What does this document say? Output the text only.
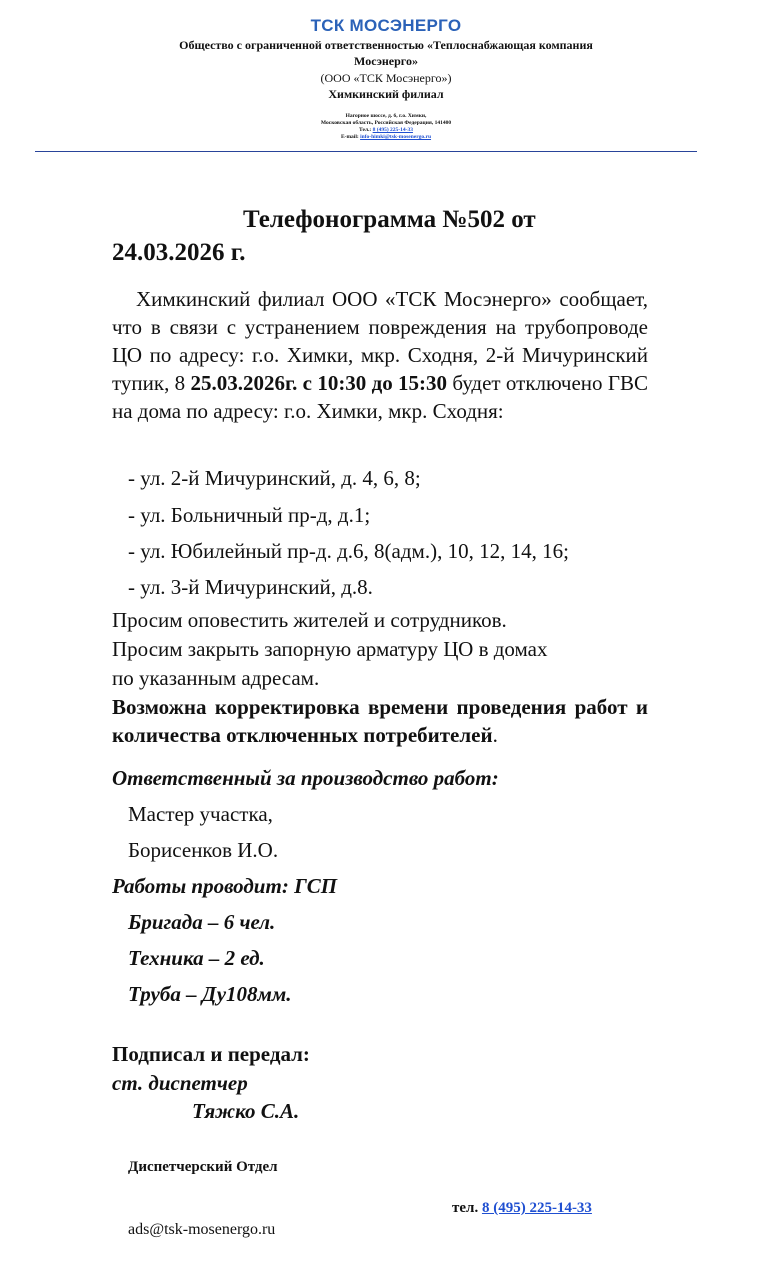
ТСК МОСЭНЕРГО
Общество с ограниченной ответственностью «Теплоснабжающая компания
Мосэнерго»
(ООО «ТСК Мосэнерго»)
Химкинский филиал
Нагорное шоссе, д. 6, г.о. Химки,
Московская область, Российская Федерация, 141400
Тел.: 8 (495) 225-14-33
E-mail: info-himki@tsk-mosenergo.ru
Телефонограмма №502 от
24.03.2026 г.
Химкинский филиал ООО «ТСК Мосэнерго» сообщает, что в связи с устранением повреждения на трубопроводе ЦО по адресу: г.о. Химки, мкр. Сходня, 2-й Мичуринский тупик, 8 25.03.2026г. с 10:30 до 15:30 будет отключено ГВС на дома по адресу: г.о. Химки, мкр. Сходня:
- ул. 2-й Мичуринский, д. 4, 6, 8;
- ул. Больничный пр-д, д.1;
- ул. Юбилейный пр-д. д.6, 8(адм.), 10, 12, 14, 16;
- ул. 3-й Мичуринский, д.8.
Просим оповестить жителей и сотрудников.
Просим закрыть запорную арматуру ЦО в домах
по указанным адресам.
Возможна корректировка времени проведения работ и количества отключенных потребителей.
Ответственный за производство работ:
Мастер участка,
Борисенков И.О.
Работы проводит: ГСП
Бригада – 6 чел.
Техника – 2 ед.
Труба – Ду108мм.
Подписал и передал:
ст. диспетчер
Тяжко С.А.
Диспетчерский Отдел
тел. 8 (495) 225-14-33
ads@tsk-mosenergo.ru
